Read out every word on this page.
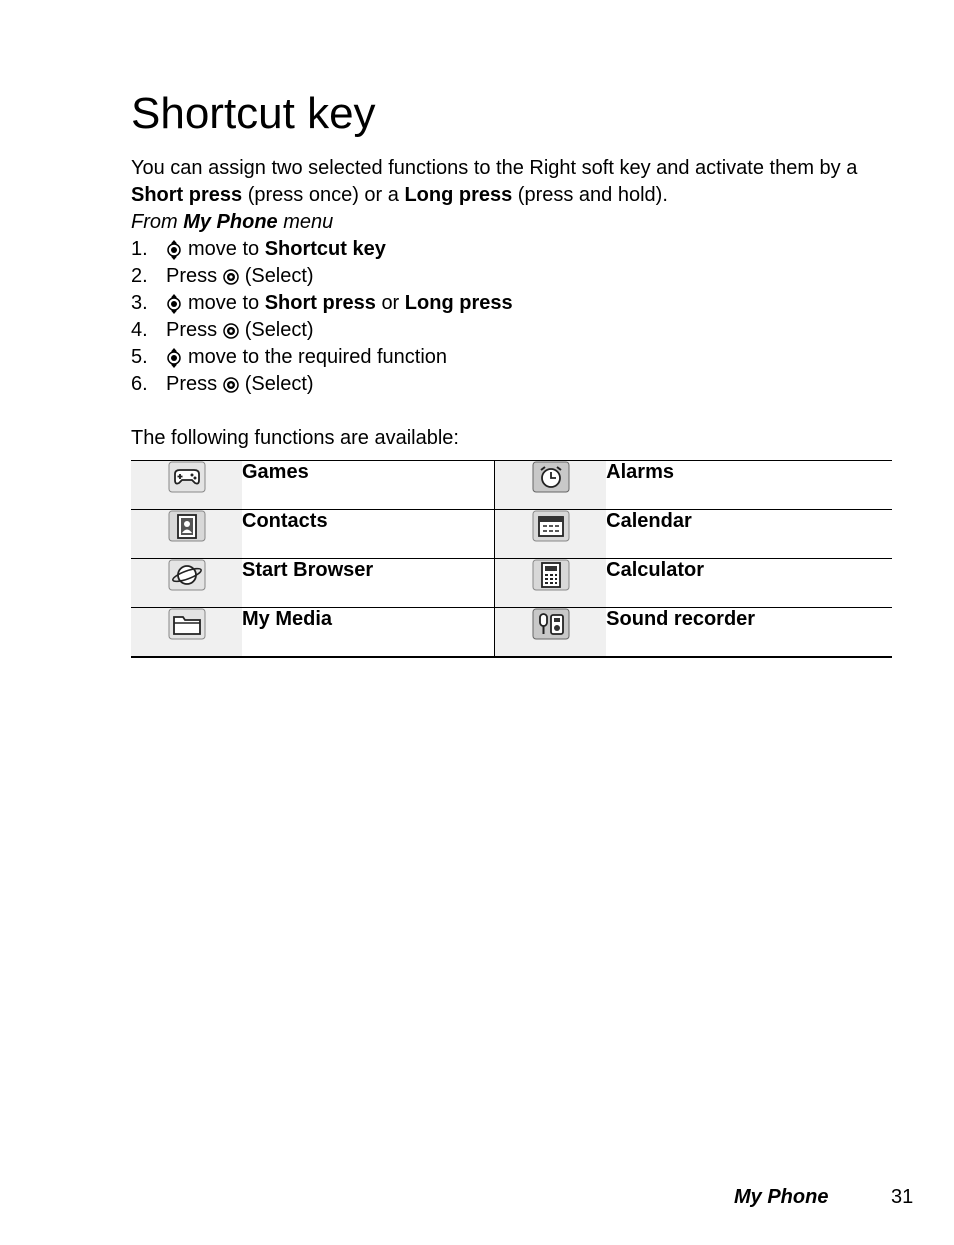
Shortcut key

You can assign two selected functions to the Right soft key and activate them by a Short press (press once) or a Long press (press and hold).

From My Phone menu

1.	move to
Shortcut key
2. Press
(Select)
3.	move to
Short press
or
Long press
4. Press
(Select)
5.	move to the required function
6. Press
(Select)

The following functions are available:

	Games		Alarms
	Contacts		Calendar
	Start Browser		Calculator
	My Media		Sound recorder
My Phone	31
